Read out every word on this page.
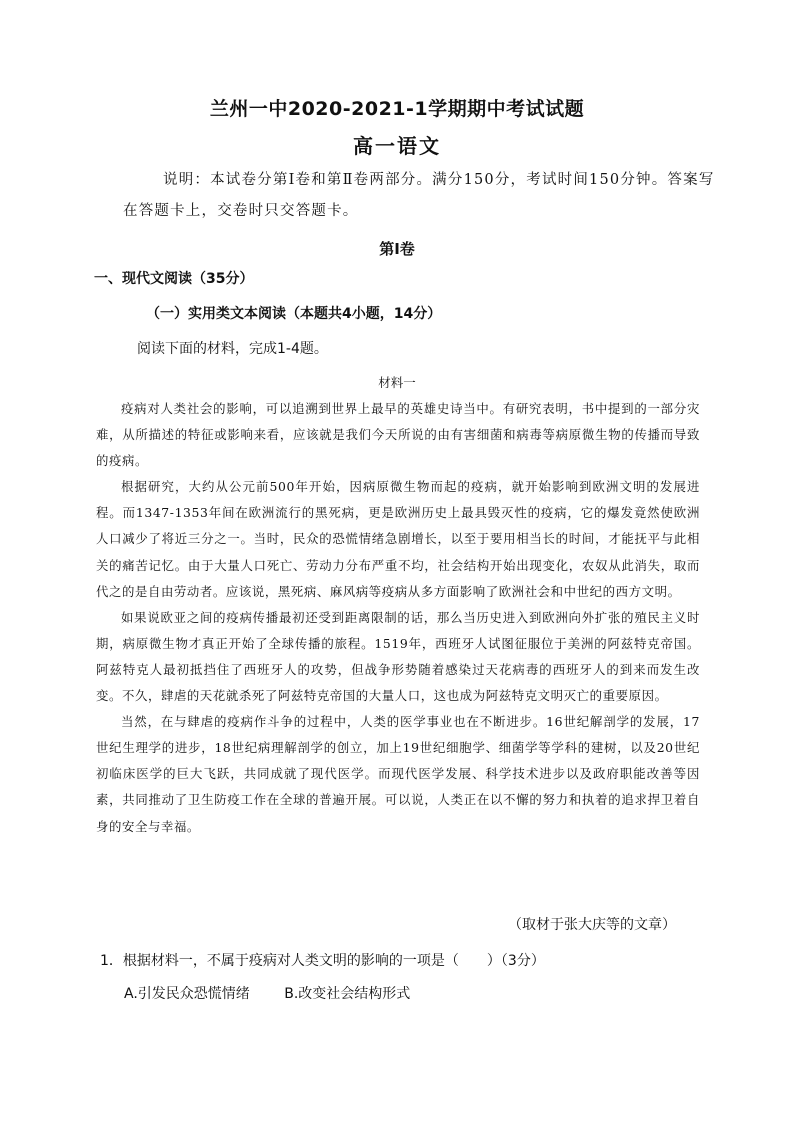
兰州一中2020-2021-1学期期中考试试题
高一语文
说明：本试卷分第Ⅰ卷和第Ⅱ卷两部分。满分150分，考试时间150分钟。答案写在答题卡上，交卷时只交答题卡。
第Ⅰ卷
一、现代文阅读（35分）
（一）实用类文本阅读（本题共4小题，14分）
阅读下面的材料，完成1-4题。
材料一

疫病对人类社会的影响，可以追溯到世界上最早的英雄史诗当中。有研究表明，书中提到的一部分灾难，从所描述的特征或影响来看，应该就是我们今天所说的由有害细菌和病毒等病原微生物的传播而导致的疫病。

根据研究，大约从公元前500年开始，因病原微生物而起的疫病，就开始影响到欧洲文明的发展进程。而1347-1353年间在欧洲流行的黑死病，更是欧洲历史上最具毁灭性的疫病，它的爆发竟然使欧洲人口减少了将近三分之一。当时，民众的恐慌情绪急剧增长，以至于要用相当长的时间，才能抚平与此相关的痛苦记忆。由于大量人口死亡、劳动力分布严重不均，社会结构开始出现变化，农奴从此消失，取而代之的是自由劳动者。应该说，黑死病、麻风病等疫病从多方面影响了欧洲社会和中世纪的西方文明。

如果说欧亚之间的疫病传播最初还受到距离限制的话，那么当历史进入到欧洲向外扩张的殖民主义时期，病原微生物才真正开始了全球传播的旅程。1519年，西班牙人试图征服位于美洲的阿兹特克帝国。阿兹特克人最初抵挡住了西班牙人的攻势，但战争形势随着感染过天花病毒的西班牙人的到来而发生改变。不久，肆虐的天花就杀死了阿兹特克帝国的大量人口，这也成为阿兹特克文明灭亡的重要原因。

当然，在与肆虐的疫病作斗争的过程中，人类的医学事业也在不断进步。16世纪解剖学的发展，17世纪生理学的进步，18世纪病理解剖学的创立，加上19世纪细胞学、细菌学等学科的建树，以及20世纪初临床医学的巨大飞跃，共同成就了现代医学。而现代医学发展、科学技术进步以及政府职能改善等因素，共同推动了卫生防疫工作在全球的普遍开展。可以说，人类正在以不懈的努力和执着的追求捍卫着自身的安全与幸福。

（取材于张大庆等的文章）
1．根据材料一，不属于疫病对人类文明的影响的一项是（　　）（3分）
A.引发民众恐慌情绪 B.改变社会结构形式
